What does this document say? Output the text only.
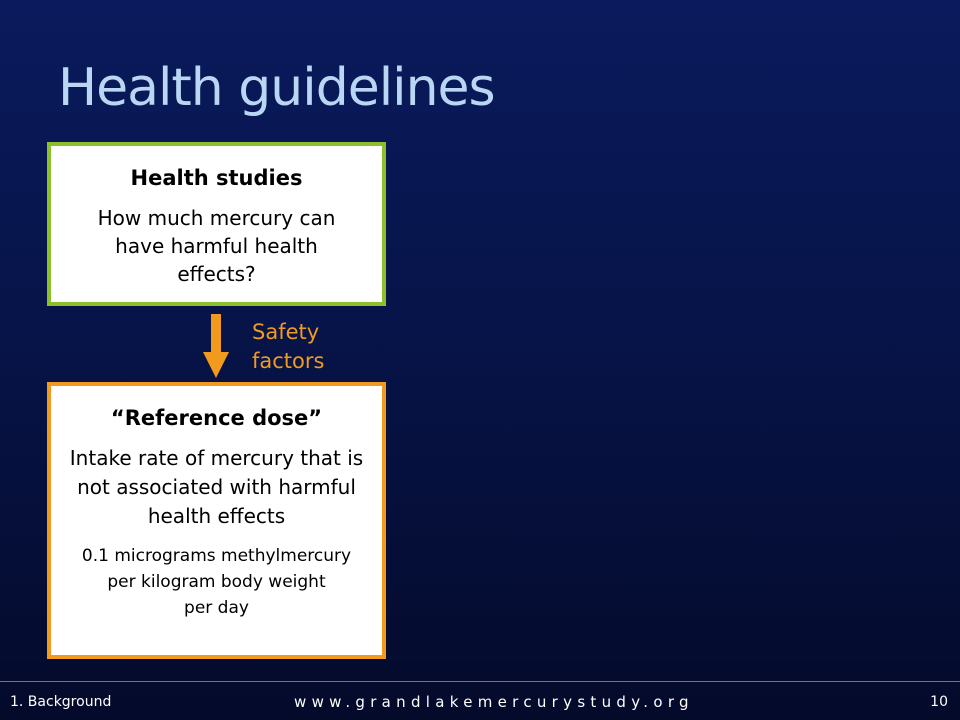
Health guidelines
Health studies
How much mercury can have harmful health effects?
Safety
factors
“Reference dose”
Intake rate of mercury that is not associated with harmful health effects
0.1 micrograms methylmercury
per kilogram body weight
per day
1. Background	www.grandlakemercurystudy.org	10
